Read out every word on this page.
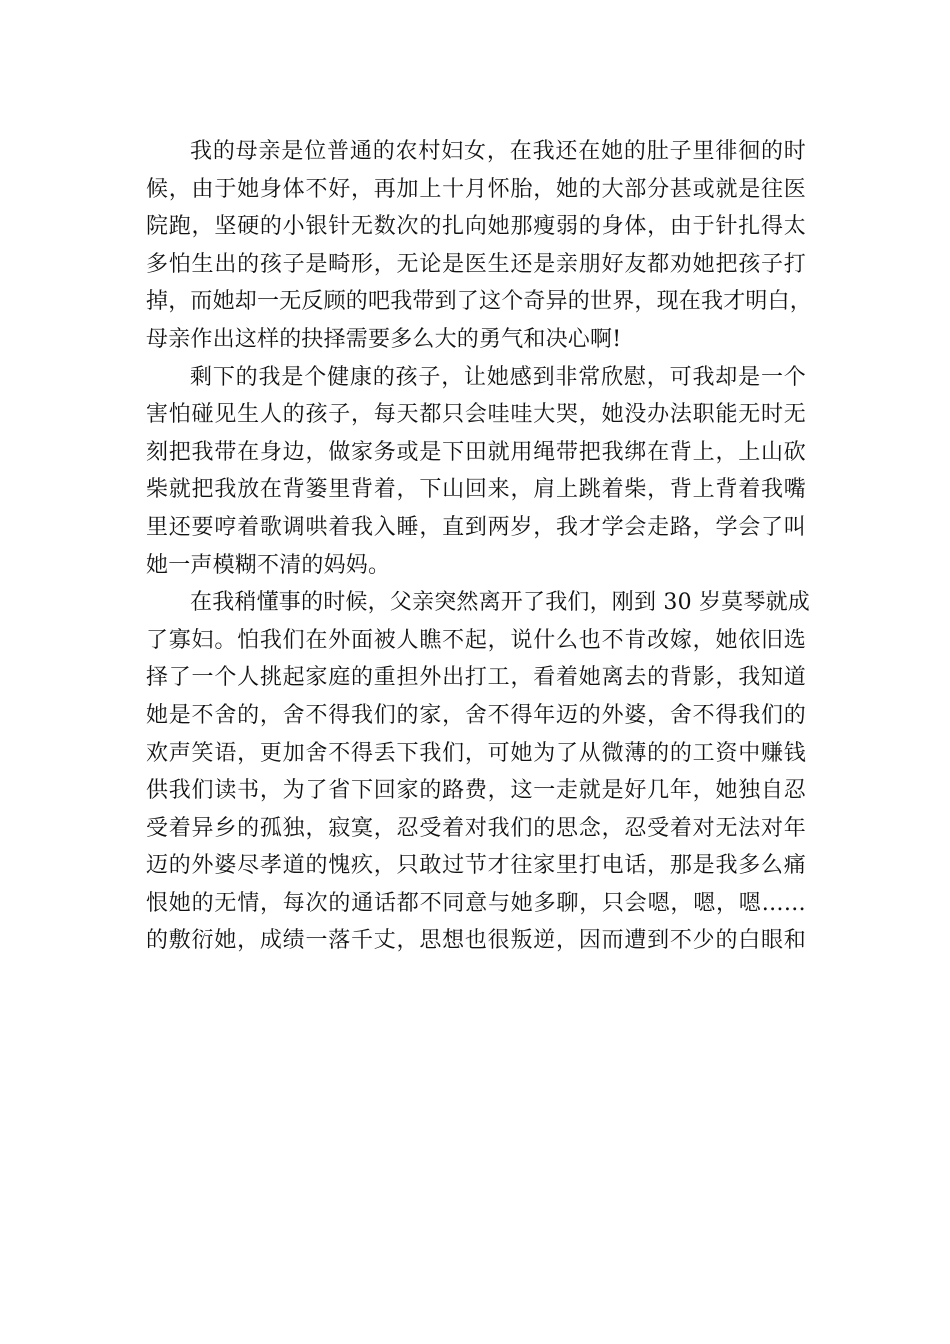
我的母亲是位普通的农村妇女，在我还在她的肚子里徘徊的时
候，由于她身体不好，再加上十月怀胎，她的大部分甚或就是往医
院跑，坚硬的小银针无数次的扎向她那瘦弱的身体，由于针扎得太
多怕生出的孩子是畸形，无论是医生还是亲朋好友都劝她把孩子打
掉，而她却一无反顾的吧我带到了这个奇异的世界，现在我才明白，
母亲作出这样的抉择需要多么大的勇气和决心啊!
剩下的我是个健康的孩子，让她感到非常欣慰，可我却是一个
害怕碰见生人的孩子，每天都只会哇哇大哭，她没办法职能无时无
刻把我带在身边，做家务或是下田就用绳带把我绑在背上，上山砍
柴就把我放在背篓里背着，下山回来，肩上跳着柴，背上背着我嘴
里还要哼着歌调哄着我入睡，直到两岁，我才学会走路，学会了叫
她一声模糊不清的妈妈。
在我稍懂事的时候，父亲突然离开了我们，刚到 30 岁莫琴就成
了寡妇。怕我们在外面被人瞧不起，说什么也不肯改嫁，她依旧选
择了一个人挑起家庭的重担外出打工，看着她离去的背影，我知道
她是不舍的，舍不得我们的家，舍不得年迈的外婆，舍不得我们的
欢声笑语，更加舍不得丢下我们，可她为了从微薄的的工资中赚钱
供我们读书，为了省下回家的路费，这一走就是好几年，她独自忍
受着异乡的孤独，寂寞，忍受着对我们的思念，忍受着对无法对年
迈的外婆尽孝道的愧疚，只敢过节才往家里打电话，那是我多么痛
恨她的无情，每次的通话都不同意与她多聊，只会嗯，嗯，嗯……
的敷衍她，成绩一落千丈，思想也很叛逆，因而遭到不少的白眼和
